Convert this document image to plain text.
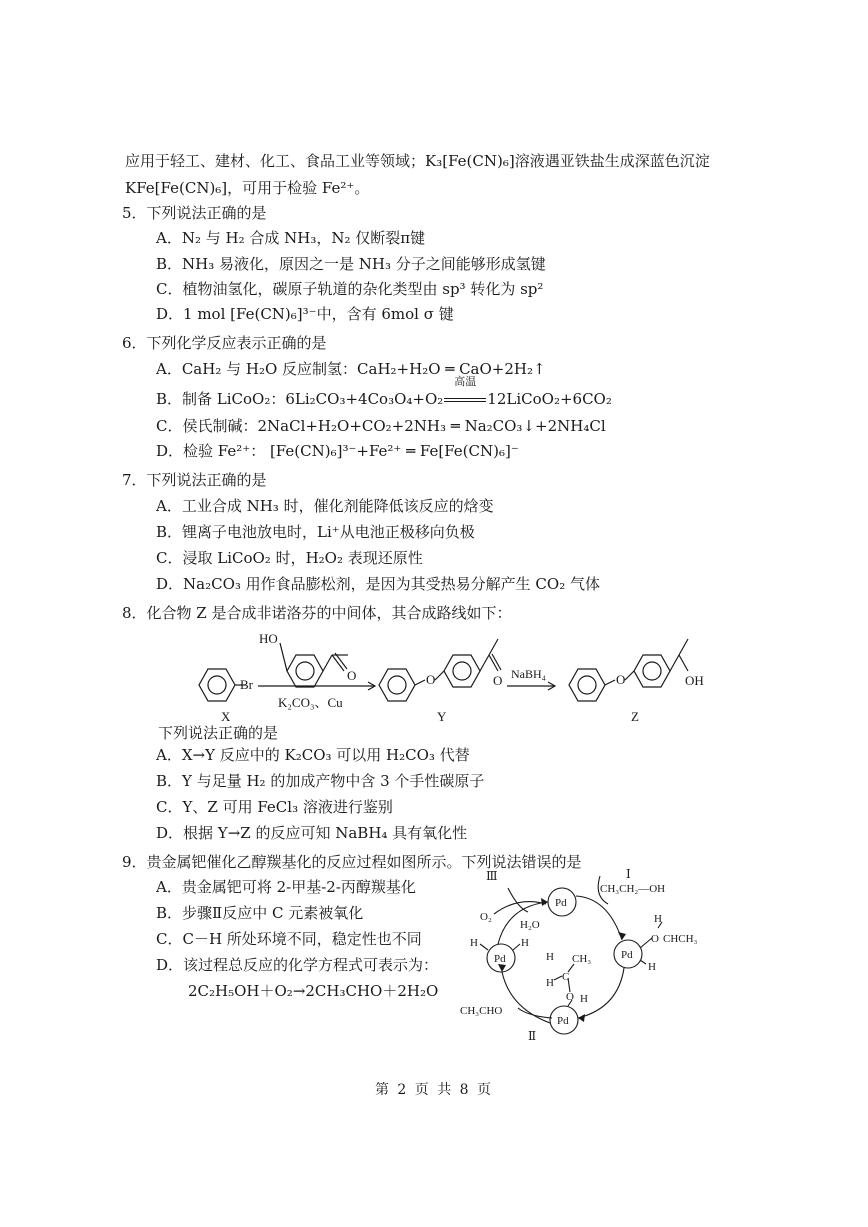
应用于轻工、建材、化工、食品工业等领域；K₃[Fe(CN)₆]溶液遇亚铁盐生成深蓝色沉淀
KFe[Fe(CN)₆]，可用于检验 Fe²⁺。
5．下列说法正确的是
A．N₂ 与 H₂ 合成 NH₃，N₂ 仅断裂π键
B．NH₃ 易液化，原因之一是 NH₃ 分子之间能够形成氢键
C．植物油氢化，碳原子轨道的杂化类型由 sp³ 转化为 sp²
D．1 mol [Fe(CN)₆]³⁻中，含有 6mol σ 键
6．下列化学反应表示正确的是
A．CaH₂ 与 H₂O 反应制氢：CaH₂+H₂O ═ CaO+2H₂↑
B．制备 LiCoO₂：6Li₂CO₃+4Co₃O₄+O₂
高温
12LiCoO₂+6CO₂
C．侯氏制碱：2NaCl+H₂O+CO₂+2NH₃ ═ Na₂CO₃↓+2NH₄Cl
D．检验 Fe²⁺： [Fe(CN)₆]³⁻+Fe²⁺ ═ Fe[Fe(CN)₆]⁻
7．下列说法正确的是
A．工业合成 NH₃ 时，催化剂能降低该反应的焓变
B．锂离子电池放电时，Li⁺从电池正极移向负极
C．浸取 LiCoO₂ 时，H₂O₂ 表现还原性
D．Na₂CO₃ 用作食品膨松剂，是因为其受热易分解产生 CO₂ 气体
8．化合物 Z 是合成非诺洛芬的中间体，其合成路线如下：
HO
O
Br
K₂CO₃、Cu
O	O NaBH₄	O	OH
X	Y	Z
下列说法正确的是
A．X→Y 反应中的 K₂CO₃ 可以用 H₂CO₃ 代替
B．Y 与足量 H₂ 的加成产物中含 3 个手性碳原子
C．Y、Z 可用 FeCl₃ 溶液进行鉴别
D．根据 Y→Z 的反应可知 NaBH₄ 具有氧化性
9．贵金属钯催化乙醇羰基化的反应过程如图所示。下列说法错误的是
A．贵金属钯可将 2-甲基-2-丙醇羰基化
B．步骤Ⅱ反应中 C 元素被氧化
C．C－H 所处环境不同，稳定性也不同
D．该过程总反应的化学方程式可表示为：
2C₂H₅OH＋O₂→2CH₃CHO＋2H₂O
Pd
Pd
Pd
Pd
Ⅰ
Ⅱ
Ⅲ
CH₃CH₂—OH
O₂
H₂O
H	H
H
H
O CHCH₃
H CH₃
C
H
O H
CH₃CHO
第 2 页 共 8 页
